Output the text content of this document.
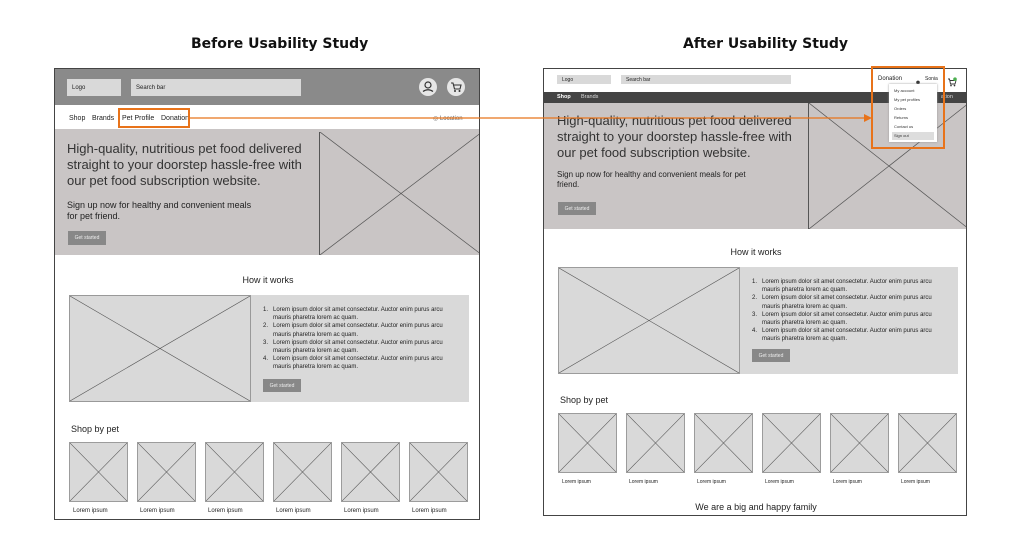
Before Usability Study	After Usability Study
Logo	Search bar
Shop Brands Pet Profile Donation	◎ Location
High-quality, nutritious pet food delivered straight to your doorstep hassle-free with our pet food subscription website.
Sign up now for healthy and convenient meals for pet friend.
Get started
How it works
1. Lorem ipsum dolor sit amet consectetur. Auctor enim purus arcu mauris pharetra lorem ac quam.
2. Lorem ipsum dolor sit amet consectetur. Auctor enim purus arcu mauris pharetra lorem ac quam.
3. Lorem ipsum dolor sit amet consectetur. Auctor enim purus arcu mauris pharetra lorem ac quam.
4. Lorem ipsum dolor sit amet consectetur. Auctor enim purus arcu mauris pharetra lorem ac quam.
Get started
Shop by pet
Lorem ipsum	Lorem ipsum	Lorem ipsum	Lorem ipsum	Lorem ipsum	Lorem ipsum
Logo	Search bar	Donation	Sonia
Shop Brands	ation
High-quality, nutritious pet food delivered straight to your doorstep hassle-free with our pet food subscription website.
Sign up now for healthy and convenient meals for pet friend.
Get started
My account
My pet profiles
Orders
Returns
Contact us
Sign out
How it works
1. Lorem ipsum dolor sit amet consectetur. Auctor enim purus arcu mauris pharetra lorem ac quam.
2. Lorem ipsum dolor sit amet consectetur. Auctor enim purus arcu mauris pharetra lorem ac quam.
3. Lorem ipsum dolor sit amet consectetur. Auctor enim purus arcu mauris pharetra lorem ac quam.
4. Lorem ipsum dolor sit amet consectetur. Auctor enim purus arcu mauris pharetra lorem ac quam.
Get started
Shop by pet
Lorem ipsum	Lorem ipsum	Lorem ipsum	Lorem ipsum	Lorem ipsum	Lorem ipsum
We are a big and happy family
